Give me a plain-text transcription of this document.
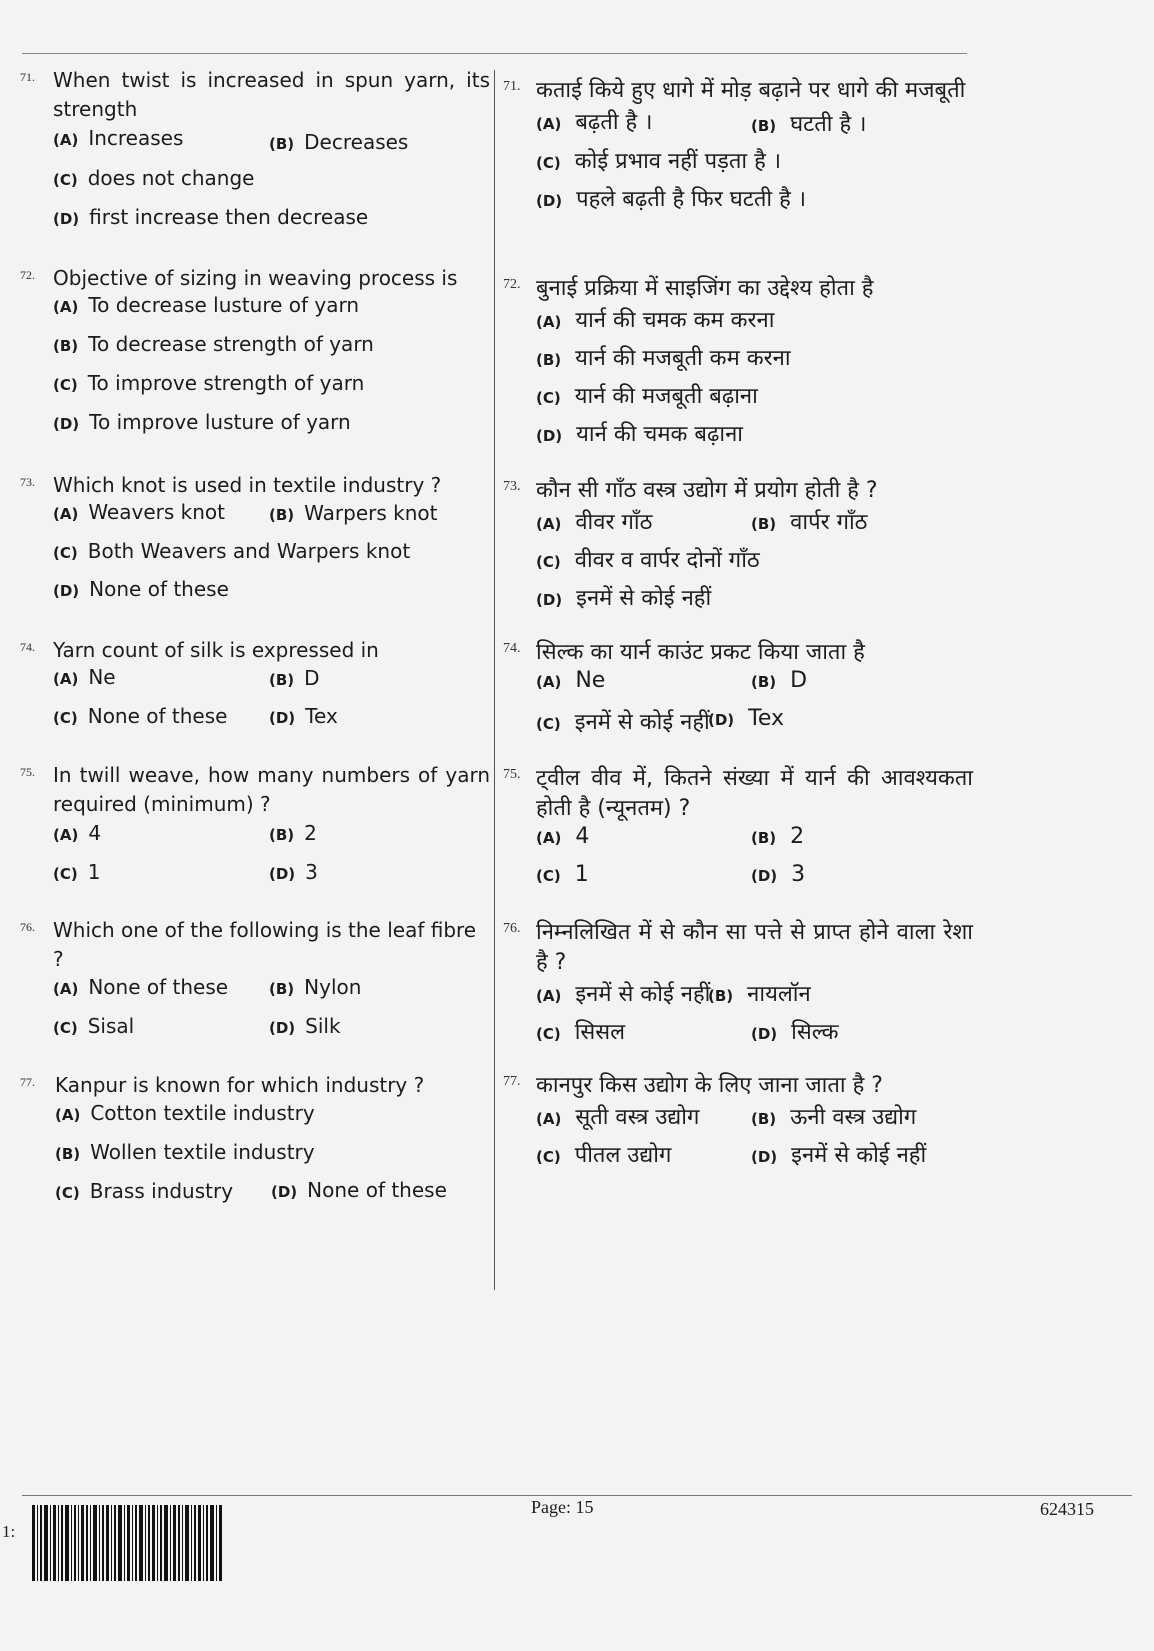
71. When twist is increased in spun yarn, its strength
(A) Increases	(B) Decreases
(C) does not change
(D) first increase then decrease
72. Objective of sizing in weaving process is
(A) To decrease lusture of yarn
(B) To decrease strength of yarn
(C) To improve strength of yarn
(D) To improve lusture of yarn
73. Which knot is used in textile industry ?
(A) Weavers knot	(B) Warpers knot
(C) Both Weavers and Warpers knot
(D) None of these
74. Yarn count of silk is expressed in
(A) Ne	(B) D
(C) None of these	(D) Tex
75. In twill weave, how many numbers of yarn required (minimum) ?
(A) 4	(B) 2
(C) 1	(D) 3
76. Which one of the following is the leaf fibre ?
(A) None of these	(B) Nylon
(C) Sisal	(D) Silk
77. Kanpur is known for which industry ?
(A) Cotton textile industry
(B) Wollen textile industry
(C) Brass industry	(D) None of these
71. कताई किये हुए धागे में मोड़ बढ़ाने पर धागे की मजबूती
(A) बढ़ती है ।	(B) घटती है ।
(C) कोई प्रभाव नहीं पड़ता है ।
(D) पहले बढ़ती है फिर घटती है ।
72. बुनाई प्रक्रिया में साइजिंग का उद्देश्य होता है
(A) यार्न की चमक कम करना
(B) यार्न की मजबूती कम करना
(C) यार्न की मजबूती बढ़ाना
(D) यार्न की चमक बढ़ाना
73. कौन सी गाँठ वस्त्र उद्योग में प्रयोग होती है ?
(A) वीवर गाँठ	(B) वार्पर गाँठ
(C) वीवर व वार्पर दोनों गाँठ
(D) इनमें से कोई नहीं
74. सिल्क का यार्न काउंट प्रकट किया जाता है
(A) Ne	(B) D
(C) इनमें से कोई नहीं
(D) Tex
75. ट्वील वीव में, कितने संख्या में यार्न की आवश्यकता होती है (न्यूनतम) ?
(A) 4	(B) 2
(C) 1	(D) 3
76. निम्नलिखित में से कौन सा पत्ते से प्राप्त होने वाला रेशा है ?
(A) इनमें से कोई नहीं
(B) नायलॉन
(C) सिसल	(D) सिल्क
77. कानपुर किस उद्योग के लिए जाना जाता है ?
(A) सूती वस्त्र उद्योग	(B) ऊनी वस्त्र उद्योग
(C) पीतल उद्योग	(D) इनमें से कोई नहीं
1:
Page: 15	624315
